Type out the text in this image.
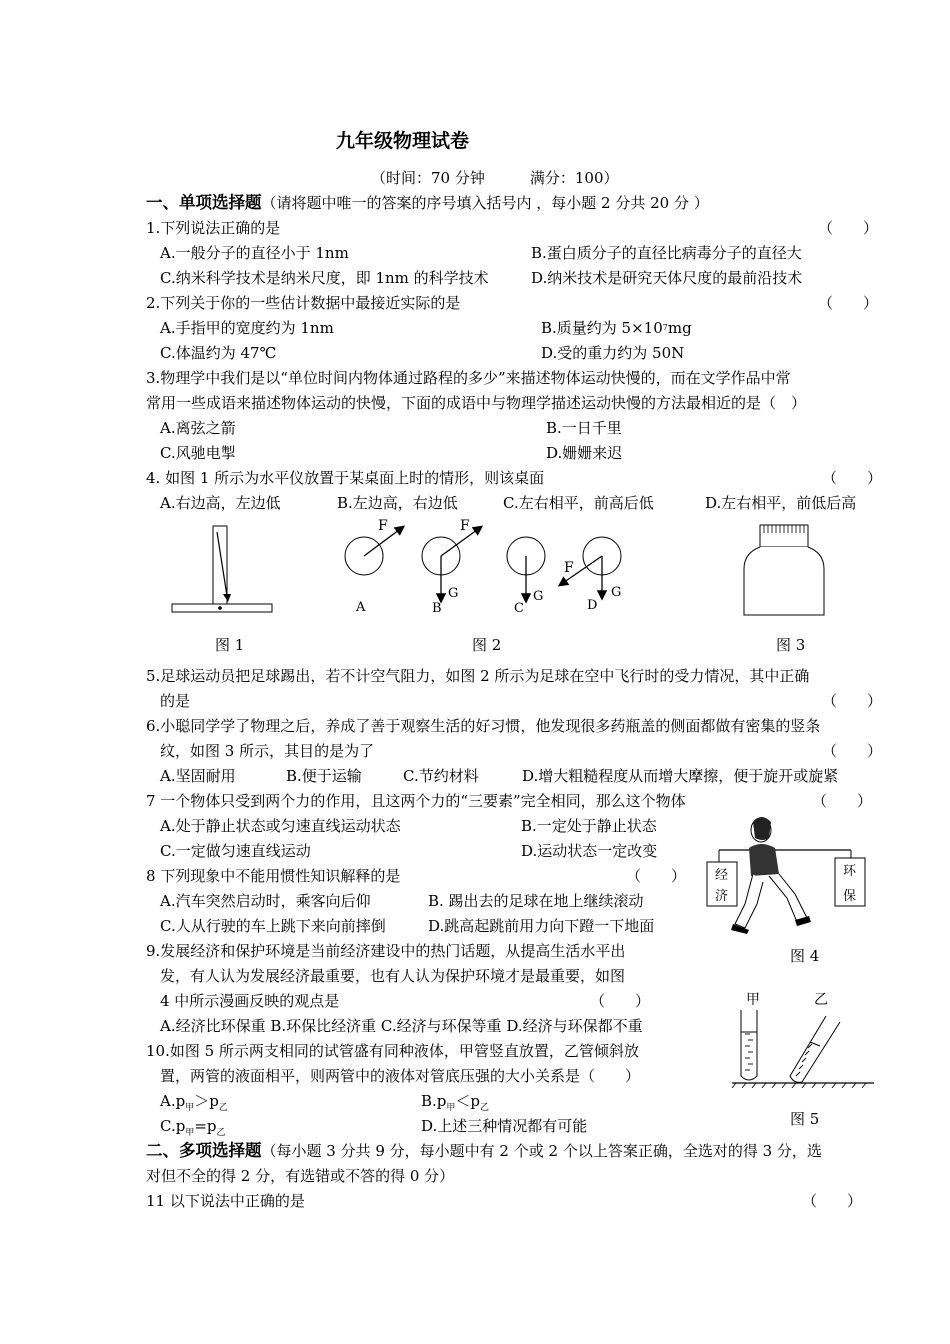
九年级物理试卷
（时间：70 分钟　　　满分：100）
一、单项选择题（请将题中唯一的答案的序号填入括号内 ，每小题 2 分共 20 分 ）
1.下列说法正确的是	（　　）
A.一般分子的直径小于 1nm	B.蛋白质分子的直径比病毒分子的直径大
C.纳米科学技术是纳米尺度，即 1nm 的科学技术	D.纳米技术是研究天体尺度的最前沿技术
2.下列关于你的一些估计数据中最接近实际的是	（　　）
A.手指甲的宽度约为 1nm	B.质量约为 $5\times 10^7mg$
C.体温约为 47℃	D.受的重力约为 50N
3.物理学中我们是以“单位时间内物体通过路程的多少”来描述物体运动快慢的，而在文学作品中常
常用一些成语来描述物体运动的快慢，下面的成语中与物理学描述运动快慢的方法最相近的是（　）
A.离弦之箭	B.一日千里
C.风驰电掣	D.姗姗来迟
4. 如图 1 所示为水平仪放置于某桌面上时的情形，则该桌面	（　　）
A.右边高，左边低	B.左边高，右边低	C.左右相平，前高后低	D.左右相平，前低后高
图 1
F
A
F
G
B
G
C
F
G
D
图 2	图 3
5.足球运动员把足球踢出，若不计空气阻力，如图 2 所示为足球在空中飞行时的受力情况，其中正确
的是	（　　）
6.小聪同学学了物理之后，养成了善于观察生活的好习惯，他发现很多药瓶盖的侧面都做有密集的竖条
纹，如图 3 所示，其目的是为了	（　　）
A.坚固耐用	B.便于运输	C.节约材料	D.增大粗糙程度从而增大摩擦，便于旋开或旋紧
7 一个物体只受到两个力的作用，且这两个力的“三要素”完全相同，那么这个物体	（　　）
A.处于静止状态或匀速直线运动状态	B.一定处于静止状态
C.一定做匀速直线运动	D.运动状态一定改变
经
济
环
保
图 4
8 下列现象中不能用惯性知识解释的是	（　　）
A.汽车突然启动时，乘客向后仰	B. 踢出去的足球在地上继续滚动
C.人从行驶的车上跳下来向前摔倒	D.跳高起跳前用力向下蹬一下地面
9.发展经济和保护环境是当前经济建设中的热门话题，从提高生活水平出
发，有人认为发展经济最重要，也有人认为保护环境才是最重要，如图
4 中所示漫画反映的观点是	（　　）
A.经济比环保重 B.环保比经济重 C.经济与环保等重 D.经济与环保都不重
甲	乙
图 5
10.如图 5 所示两支相同的试管盛有同种液体，甲管竖直放置，乙管倾斜放
置，两管的液面相平，则两管中的液体对管底压强的大小关系是（　　）
$A.p_甲>p_乙$	$B.p_甲<p_乙$
$C.p_甲=p_乙$	D.上述三种情况都有可能
二、多项选择题（每小题 3 分共 9 分，每小题中有 2 个或 2 个以上答案正确，全选对的得 3 分，选
对但不全的得 2 分，有选错或不答的得 0 分）
11 以下说法中正确的是	（　　）
